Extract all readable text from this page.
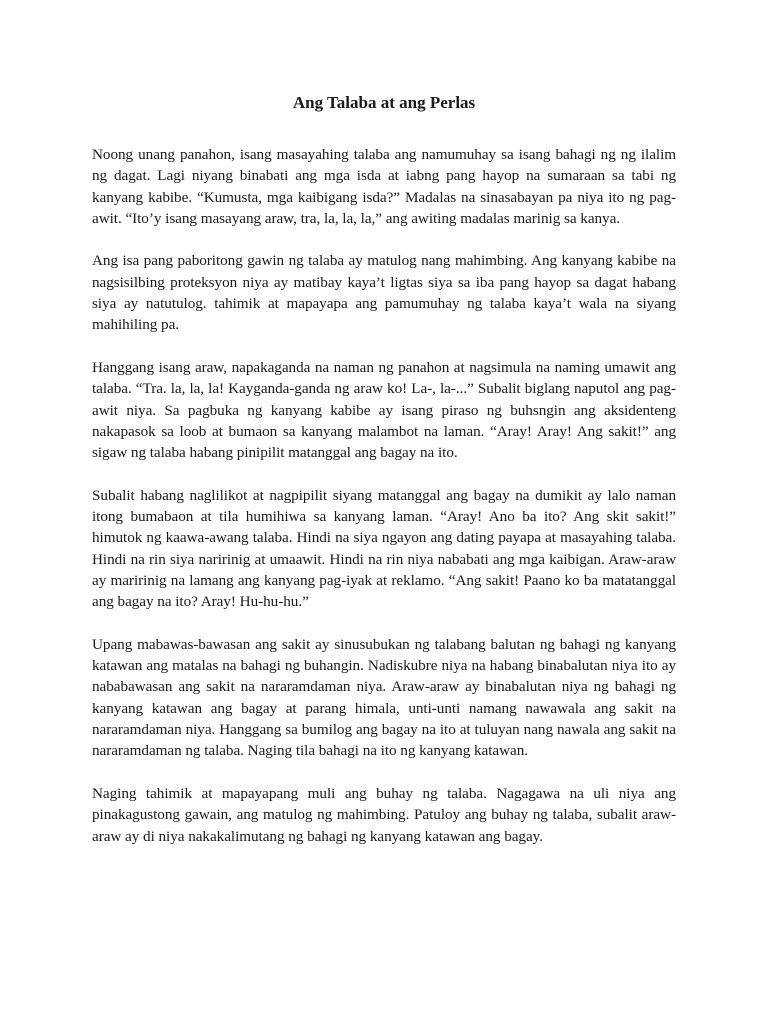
Ang Talaba at ang Perlas

Noong unang panahon, isang masayahing talaba ang namumuhay sa isang bahagi ng ng ilalim ng dagat. Lagi niyang binabati ang mga isda at iabng pang hayop na sumaraan sa tabi ng kanyang kabibe. “Kumusta, mga kaibigang isda?” Madalas na sinasabayan pa niya ito ng pag-awit. “Ito’y isang masayang araw, tra, la, la, la,” ang awiting madalas marinig sa kanya.

Ang isa pang paboritong gawin ng talaba ay matulog nang mahimbing. Ang kanyang kabibe na nagsisilbing proteksyon niya ay matibay kaya’t ligtas siya sa iba pang hayop sa dagat habang siya ay natutulog. tahimik at mapayapa ang pamumuhay ng talaba kaya’t wala na siyang mahihiling pa.

Hanggang isang araw, napakaganda na naman ng panahon at nagsimula na naming umawit ang talaba. “Tra. la, la, la! Kayganda-ganda ng araw ko! La-, la-...” Subalit biglang naputol ang pag-awit niya. Sa pagbuka ng kanyang kabibe ay isang piraso ng buhsngin ang aksidenteng nakapasok sa loob at bumaon sa kanyang malambot na laman. “Aray! Aray! Ang sakit!” ang sigaw ng talaba habang pinipilit matanggal ang bagay na ito.

Subalit habang naglilikot at nagpipilit siyang matanggal ang bagay na dumikit ay lalo naman itong bumabaon at tila humihiwa sa kanyang laman. “Aray! Ano ba ito? Ang skit sakit!” himutok ng kaawa-awang talaba. Hindi na siya ngayon ang dating payapa at masayahing talaba. Hindi na rin siya naririnig at umaawit. Hindi na rin niya nababati ang mga kaibigan. Araw-araw ay maririnig na lamang ang kanyang pag-iyak at reklamo. “Ang sakit! Paano ko ba matatanggal ang bagay na ito? Aray! Hu-hu-hu.”

Upang mabawas-bawasan ang sakit ay sinusubukan ng talabang balutan ng bahagi ng kanyang katawan ang matalas na bahagi ng buhangin. Nadiskubre niya na habang binabalutan niya ito ay nababawasan ang sakit na nararamdaman niya. Araw-araw ay binabalutan niya ng bahagi ng kanyang katawan ang bagay at parang himala, unti-unti namang nawawala ang sakit na nararamdaman niya. Hanggang sa bumilog ang bagay na ito at tuluyan nang nawala ang sakit na nararamdaman ng talaba. Naging tila bahagi na ito ng kanyang katawan.

Naging tahimik at mapayapang muli ang buhay ng talaba. Nagagawa na uli niya ang pinakagustong gawain, ang matulog ng mahimbing. Patuloy ang buhay ng talaba, subalit araw-araw ay di niya nakakalimutang ng bahagi ng kanyang katawan ang bagay.
